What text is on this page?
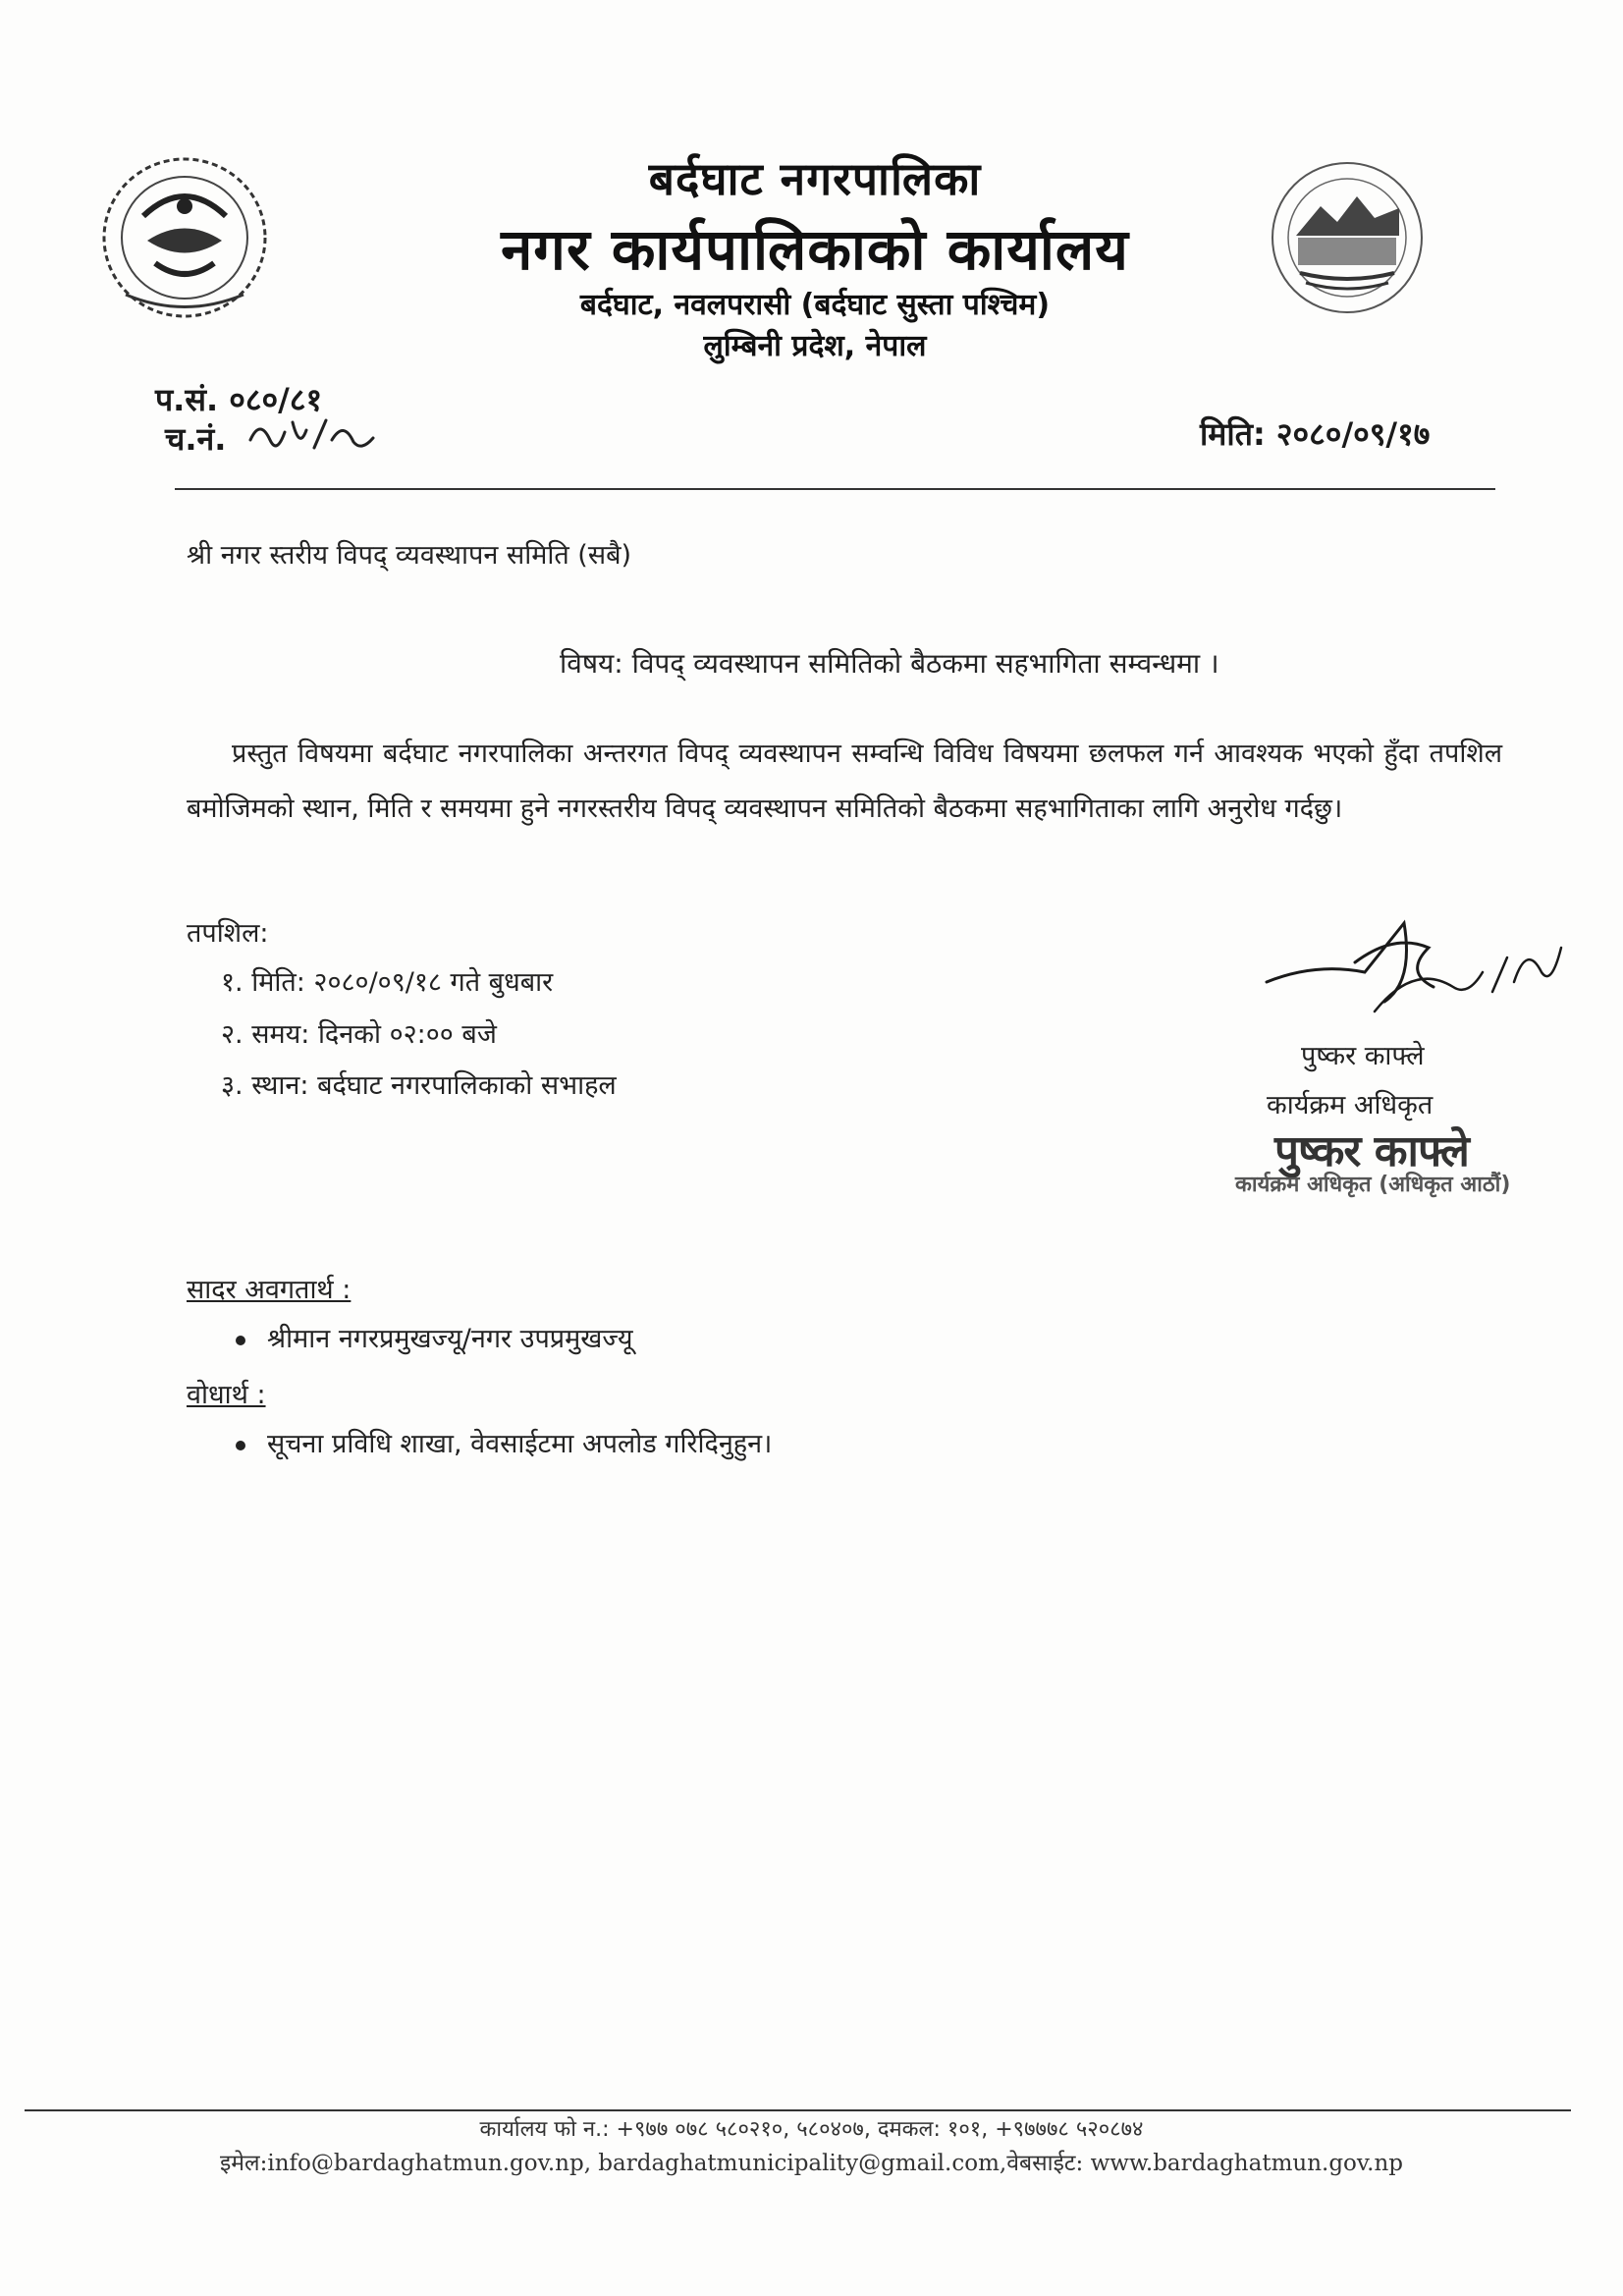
बर्दघाट नगरपालिका
नगर कार्यपालिकाको कार्यालय
बर्दघाट, नवलपरासी (बर्दघाट सुस्ता पश्चिम)
लुम्बिनी प्रदेश, नेपाल
प.सं. ०८०/८१
च.नं.	मिति: २०८०/०९/१७
श्री नगर स्तरीय विपद् व्यवस्थापन समिति (सबै)
विषय: विपद् व्यवस्थापन समितिको बैठकमा सहभागिता सम्वन्धमा ।
प्रस्तुत विषयमा बर्दघाट नगरपालिका अन्तरगत विपद् व्यवस्थापन सम्वन्धि विविध विषयमा छलफल गर्न आवश्यक भएको हुँदा तपशिल बमोजिमको स्थान, मिति र समयमा हुने नगरस्तरीय विपद् व्यवस्थापन समितिको बैठकमा सहभागिताका लागि अनुरोध गर्दछु।
तपशिल:
१. मिति: २०८०/०९/१८ गते बुधबार
२. समय: दिनको ०२:०० बजे
३. स्थान: बर्दघाट नगरपालिकाको सभाहल
पुष्कर काफ्ले
कार्यक्रम अधिकृत
पुष्कर काफ्ले
कार्यक्रम अधिकृत (अधिकृत आठौं)
सादर अवगतार्थ :
श्रीमान नगरप्रमुखज्यू/नगर उपप्रमुखज्यू
वोधार्थ :
सूचना प्रविधि शाखा, वेवसाईटमा अपलोड गरिदिनुहुन।
कार्यालय फो न.: +९७७ ०७८ ५८०२१०, ५८०४०७, दमकल: १०१, +९७७७८ ५२०८७४
इमेल:info@bardaghatmun.gov.np, bardaghatmunicipality@gmail.com,वेबसाईट: www.bardaghatmun.gov.np
